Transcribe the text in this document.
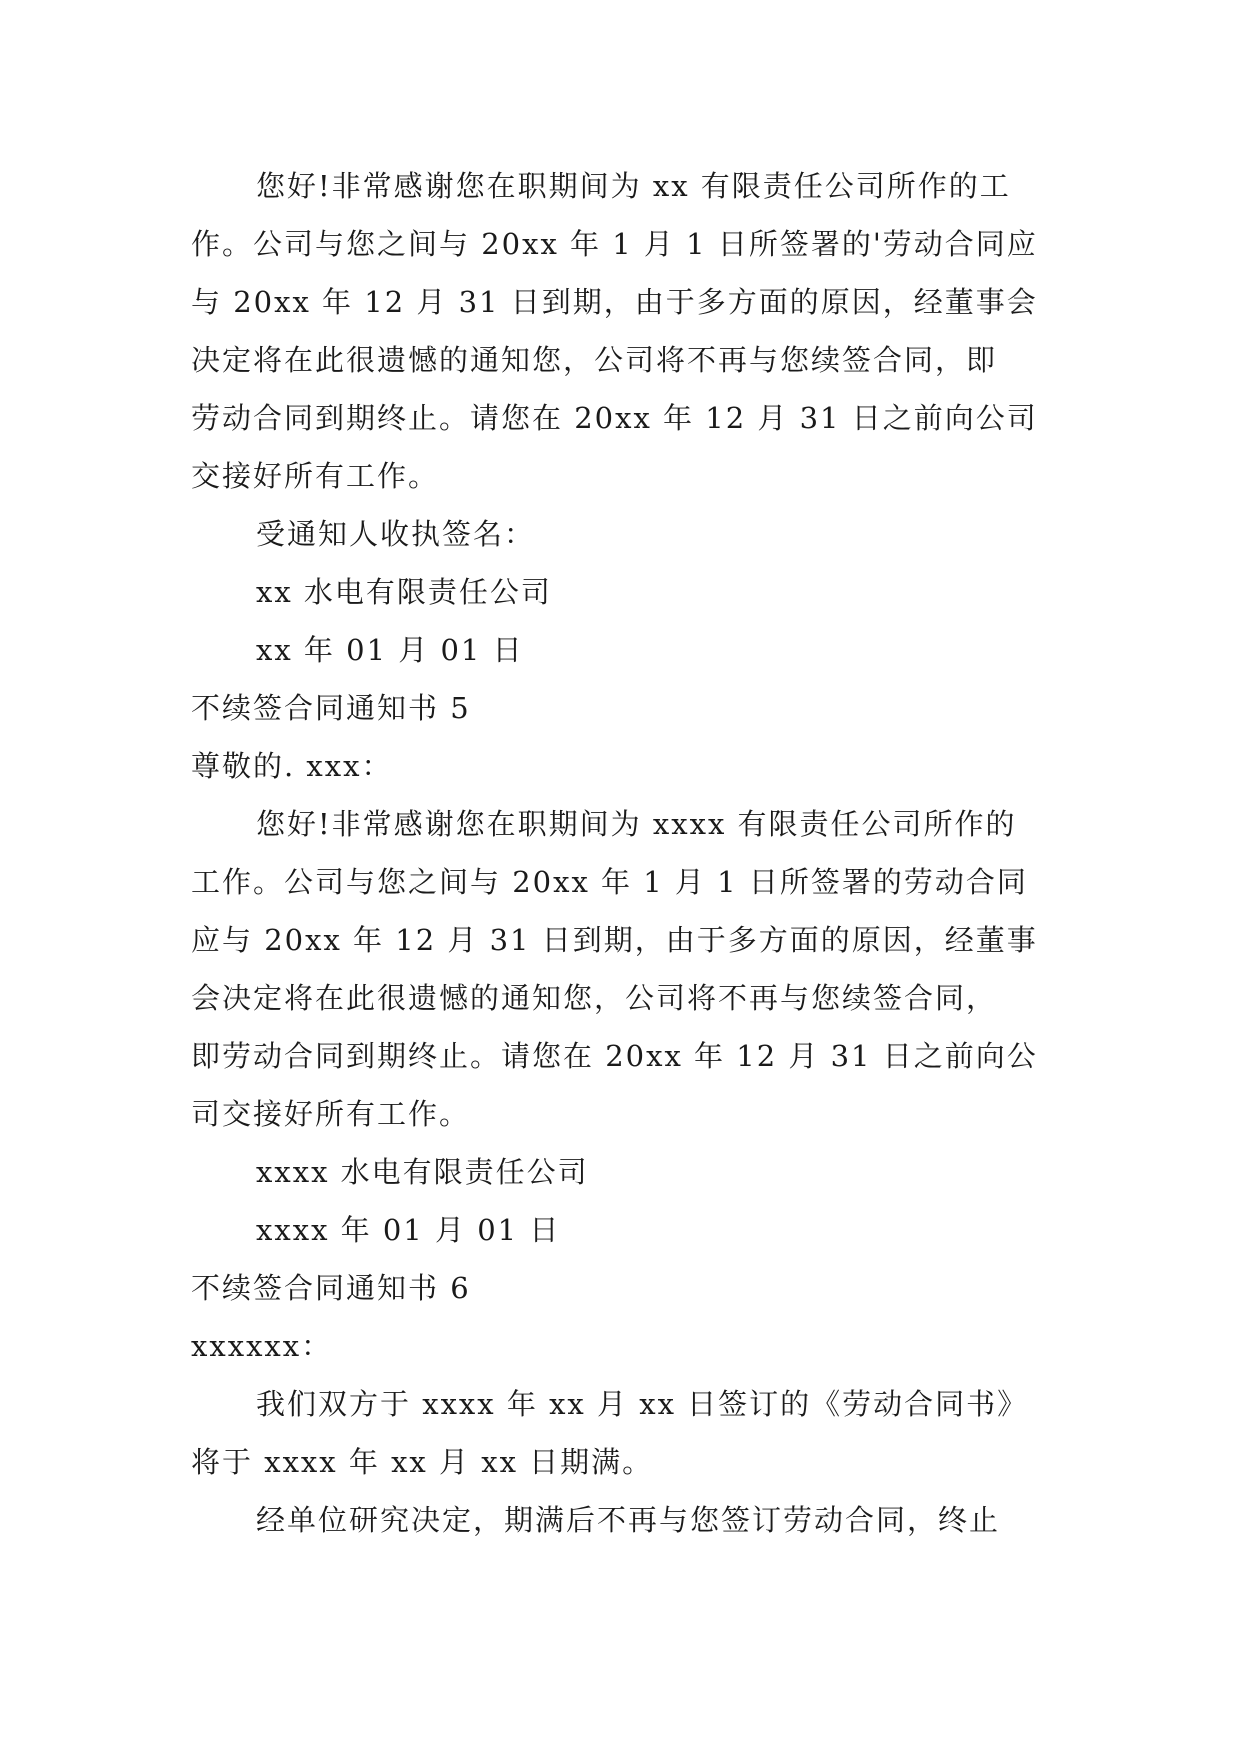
您好!非常感谢您在职期间为 xx 有限责任公司所作的工
作。公司与您之间与 20xx 年 1 月 1 日所签署的'劳动合同应
与 20xx 年 12 月 31 日到期，由于多方面的原因，经董事会
决定将在此很遗憾的通知您，公司将不再与您续签合同，即
劳动合同到期终止。请您在 20xx 年 12 月 31 日之前向公司
交接好所有工作。
受通知人收执签名：
xx 水电有限责任公司
xx 年 01 月 01 日
不续签合同通知书 5
尊敬的. xxx：
您好!非常感谢您在职期间为 xxxx 有限责任公司所作的
工作。公司与您之间与 20xx 年 1 月 1 日所签署的劳动合同
应与 20xx 年 12 月 31 日到期，由于多方面的原因，经董事
会决定将在此很遗憾的通知您，公司将不再与您续签合同，
即劳动合同到期终止。请您在 20xx 年 12 月 31 日之前向公
司交接好所有工作。
xxxx 水电有限责任公司
xxxx 年 01 月 01 日
不续签合同通知书 6
xxxxxx：
我们双方于 xxxx 年 xx 月 xx 日签订的《劳动合同书》
将于 xxxx 年 xx 月 xx 日期满。
经单位研究决定，期满后不再与您签订劳动合同，终止
